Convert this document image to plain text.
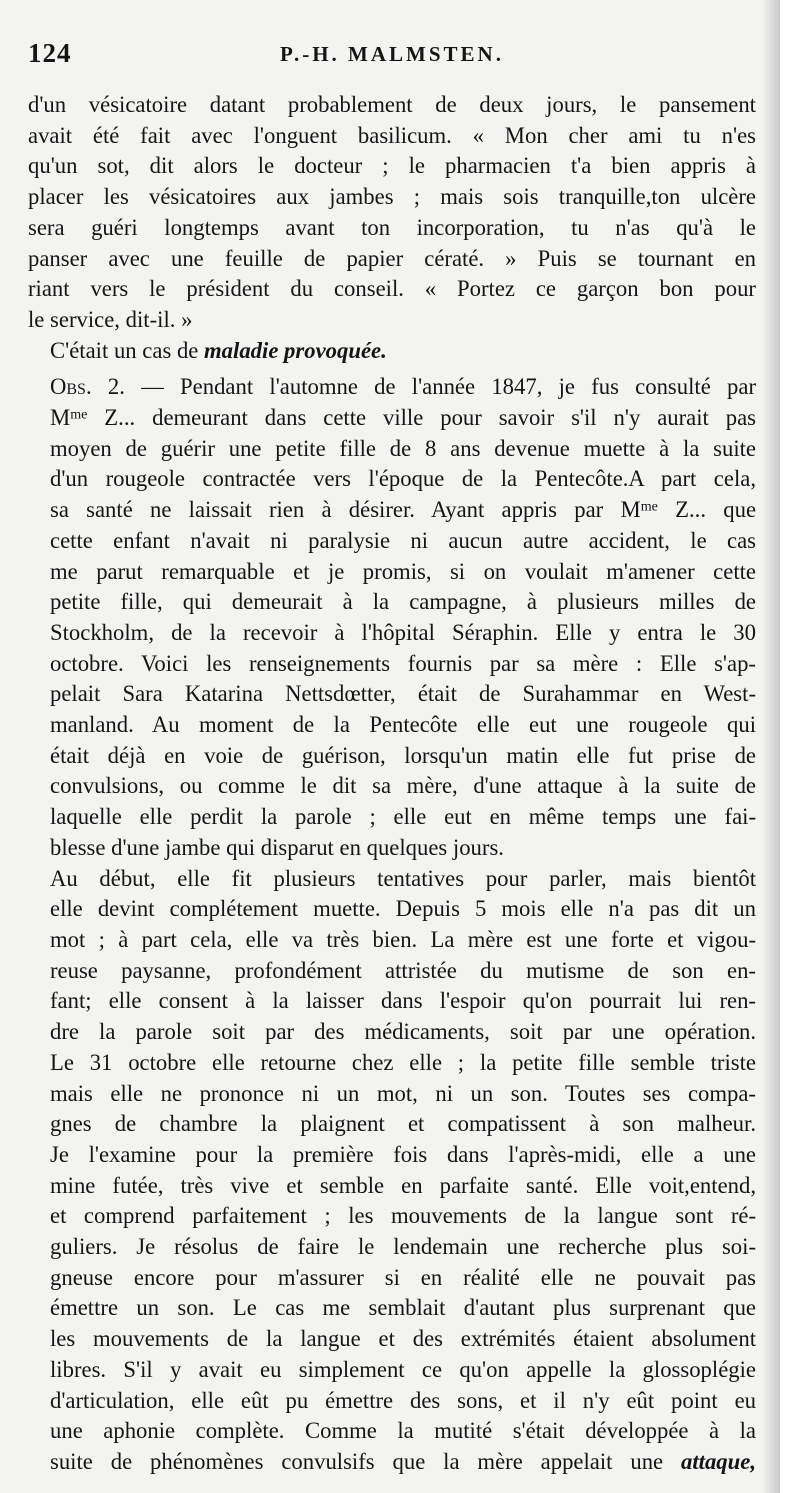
124	P.-H. MALMSTEN.

d'un vésicatoire datant probablement de deux jours, le pansement
avait été fait avec l'onguent basilicum. « Mon cher ami tu n'es
qu'un sot, dit alors le docteur ; le pharmacien t'a bien appris à
placer les vésicatoires aux jambes ; mais sois tranquille,ton ulcère
sera guéri longtemps avant ton incorporation, tu n'as qu'à le
panser avec une feuille de papier cératé. » Puis se tournant en
riant vers le président du conseil. « Portez ce garçon bon pour
le service, dit-il. »

C'était un cas de maladie provoquée.

Obs. 2. — Pendant l'automne de l'année 1847, je fus consulté par
$M^{me}$ Z... demeurant dans cette ville pour savoir s'il n'y aurait pas
moyen de guérir une petite fille de 8 ans devenue muette à la suite
d'un rougeole contractée vers l'époque de la Pentecôte.A part cela,
sa santé ne laissait rien à désirer. Ayant appris par $M^{me}$ Z... que
cette enfant n'avait ni paralysie ni aucun autre accident, le cas
me parut remarquable et je promis, si on voulait m'amener cette
petite fille, qui demeurait à la campagne, à plusieurs milles de
Stockholm, de la recevoir à l'hôpital Séraphin. Elle y entra le 30
octobre. Voici les renseignements fournis par sa mère : Elle s'ap-
pelait Sara Katarina Nettsdœtter, était de Surahammar en West-
manland. Au moment de la Pentecôte elle eut une rougeole qui
était déjà en voie de guérison, lorsqu'un matin elle fut prise de
convulsions, ou comme le dit sa mère, d'une attaque à la suite de
laquelle elle perdit la parole ; elle eut en même temps une fai-
blesse d'une jambe qui disparut en quelques jours.

Au début, elle fit plusieurs tentatives pour parler, mais bientôt
elle devint complétement muette. Depuis 5 mois elle n'a pas dit un
mot ; à part cela, elle va très bien. La mère est une forte et vigou-
reuse paysanne, profondément attristée du mutisme de son en-
fant; elle consent à la laisser dans l'espoir qu'on pourrait lui ren-
dre la parole soit par des médicaments, soit par une opération.
Le 31 octobre elle retourne chez elle ; la petite fille semble triste
mais elle ne prononce ni un mot, ni un son. Toutes ses compa-
gnes de chambre la plaignent et compatissent à son malheur.
Je l'examine pour la première fois dans l'après-midi, elle a une
mine futée, très vive et semble en parfaite santé. Elle voit,entend,
et comprend parfaitement ; les mouvements de la langue sont ré-
guliers. Je résolus de faire le lendemain une recherche plus soi-
gneuse encore pour m'assurer si en réalité elle ne pouvait pas
émettre un son. Le cas me semblait d'autant plus surprenant que
les mouvements de la langue et des extrémités étaient absolument
libres. S'il y avait eu simplement ce qu'on appelle la glossoplégie
d'articulation, elle eût pu émettre des sons, et il n'y eût point eu
une aphonie complète. Comme la mutité s'était développée à la
suite de phénomènes convulsifs que la mère appelait une attaque,
